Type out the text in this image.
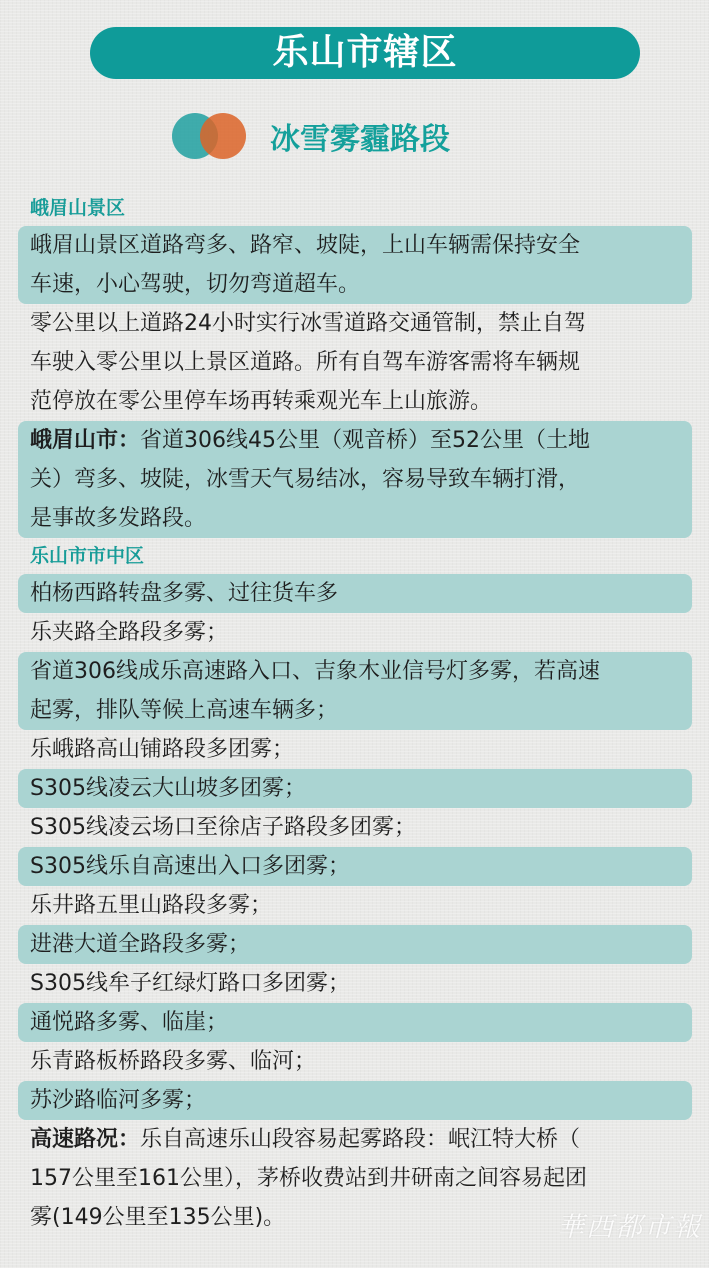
乐山市辖区
冰雪雾霾路段
峨眉山景区
峨眉山景区道路弯多、路窄、坡陡，上山车辆需保持安全
车速，小心驾驶，切勿弯道超车。
零公里以上道路24小时实行冰雪道路交通管制，禁止自驾
车驶入零公里以上景区道路。所有自驾车游客需将车辆规
范停放在零公里停车场再转乘观光车上山旅游。
峨眉山市：省道306线45公里（观音桥）至52公里（土地
关）弯多、坡陡，冰雪天气易结冰，容易导致车辆打滑，
是事故多发路段。
乐山市市中区
柏杨西路转盘多雾、过往货车多
乐夹路全路段多雾；
省道306线成乐高速路入口、吉象木业信号灯多雾，若高速
起雾，排队等候上高速车辆多；
乐峨路高山铺路段多团雾；
S305线凌云大山坡多团雾；
S305线凌云场口至徐店子路段多团雾；
S305线乐自高速出入口多团雾；
乐井路五里山路段多雾；
进港大道全路段多雾；
S305线牟子红绿灯路口多团雾；
通悦路多雾、临崖；
乐青路板桥路段多雾、临河；
苏沙路临河多雾；
高速路况：乐自高速乐山段容易起雾路段：岷江特大桥（
157公里至161公里），茅桥收费站到井研南之间容易起团
雾(149公里至135公里)。	華西都市報
